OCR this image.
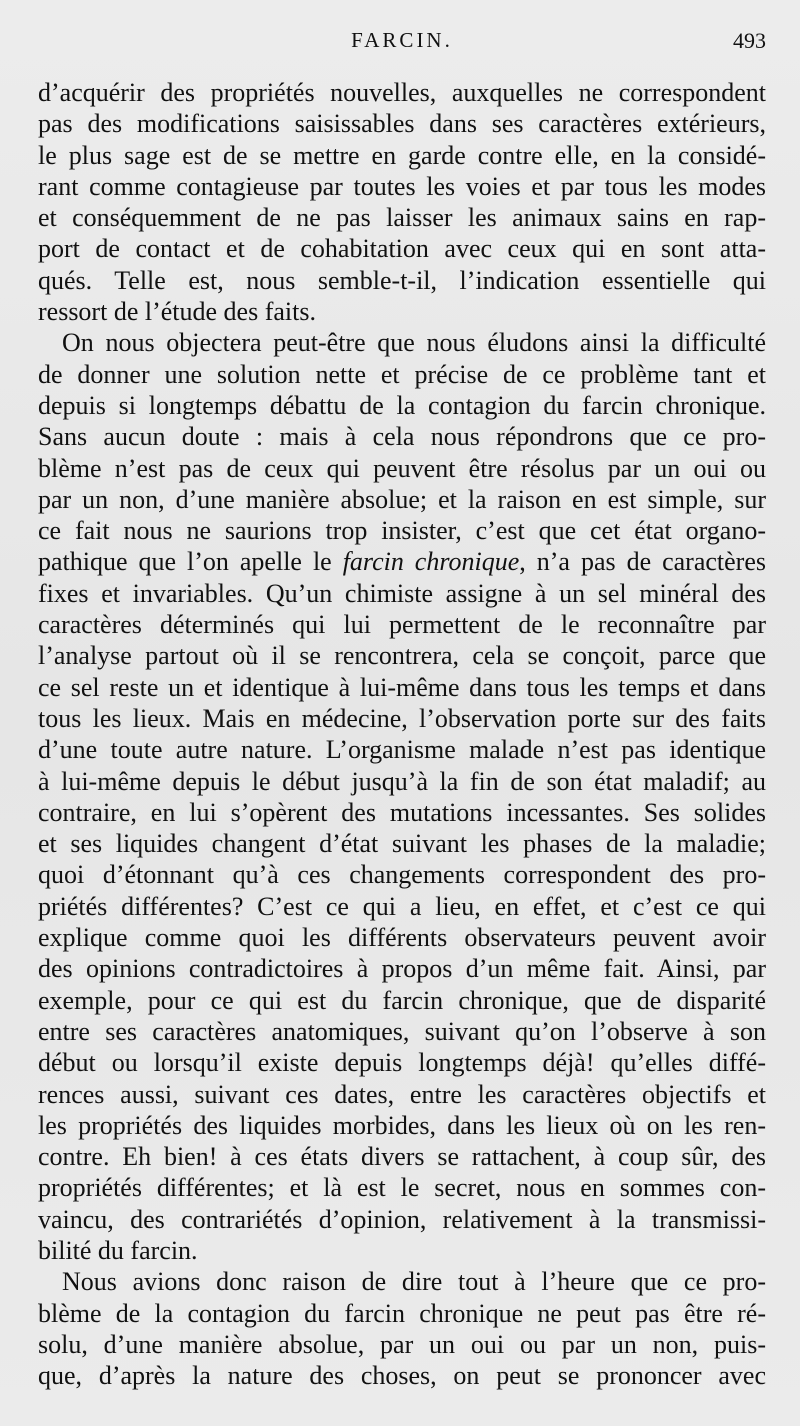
FARCIN.	493

d’acquérir des propriétés nouvelles, auxquelles ne correspondent
pas des modifications saisissables dans ses caractères extérieurs,
le plus sage est de se mettre en garde contre elle, en la considé-
rant comme contagieuse par toutes les voies et par tous les modes
et conséquemment de ne pas laisser les animaux sains en rap-
port de contact et de cohabitation avec ceux qui en sont atta-
qués. Telle est, nous semble-t-il, l’indication essentielle qui
ressort de l’étude des faits.

On nous objectera peut-être que nous éludons ainsi la difficulté
de donner une solution nette et précise de ce problème tant et
depuis si longtemps débattu de la contagion du farcin chronique.
Sans aucun doute : mais à cela nous répondrons que ce pro-
blème n’est pas de ceux qui peuvent être résolus par un oui ou
par un non, d’une manière absolue; et la raison en est simple, sur
ce fait nous ne saurions trop insister, c’est que cet état organo-
pathique que l’on apelle le farcin chronique, n’a pas de caractères
fixes et invariables. Qu’un chimiste assigne à un sel minéral des
caractères déterminés qui lui permettent de le reconnaître par
l’analyse partout où il se rencontrera, cela se conçoit, parce que
ce sel reste un et identique à lui-même dans tous les temps et dans
tous les lieux. Mais en médecine, l’observation porte sur des faits
d’une toute autre nature. L’organisme malade n’est pas identique
à lui-même depuis le début jusqu’à la fin de son état maladif; au
contraire, en lui s’opèrent des mutations incessantes. Ses solides
et ses liquides changent d’état suivant les phases de la maladie;
quoi d’étonnant qu’à ces changements correspondent des pro-
priétés différentes? C’est ce qui a lieu, en effet, et c’est ce qui
explique comme quoi les différents observateurs peuvent avoir
des opinions contradictoires à propos d’un même fait. Ainsi, par
exemple, pour ce qui est du farcin chronique, que de disparité
entre ses caractères anatomiques, suivant qu’on l’observe à son
début ou lorsqu’il existe depuis longtemps déjà! qu’elles diffé-
rences aussi, suivant ces dates, entre les caractères objectifs et
les propriétés des liquides morbides, dans les lieux où on les ren-
contre. Eh bien! à ces états divers se rattachent, à coup sûr, des
propriétés différentes; et là est le secret, nous en sommes con-
vaincu, des contrariétés d’opinion, relativement à la transmissi-
bilité du farcin.

Nous avions donc raison de dire tout à l’heure que ce pro-
blème de la contagion du farcin chronique ne peut pas être ré-
solu, d’une manière absolue, par un oui ou par un non, puis-
que, d’après la nature des choses, on peut se prononcer avec
